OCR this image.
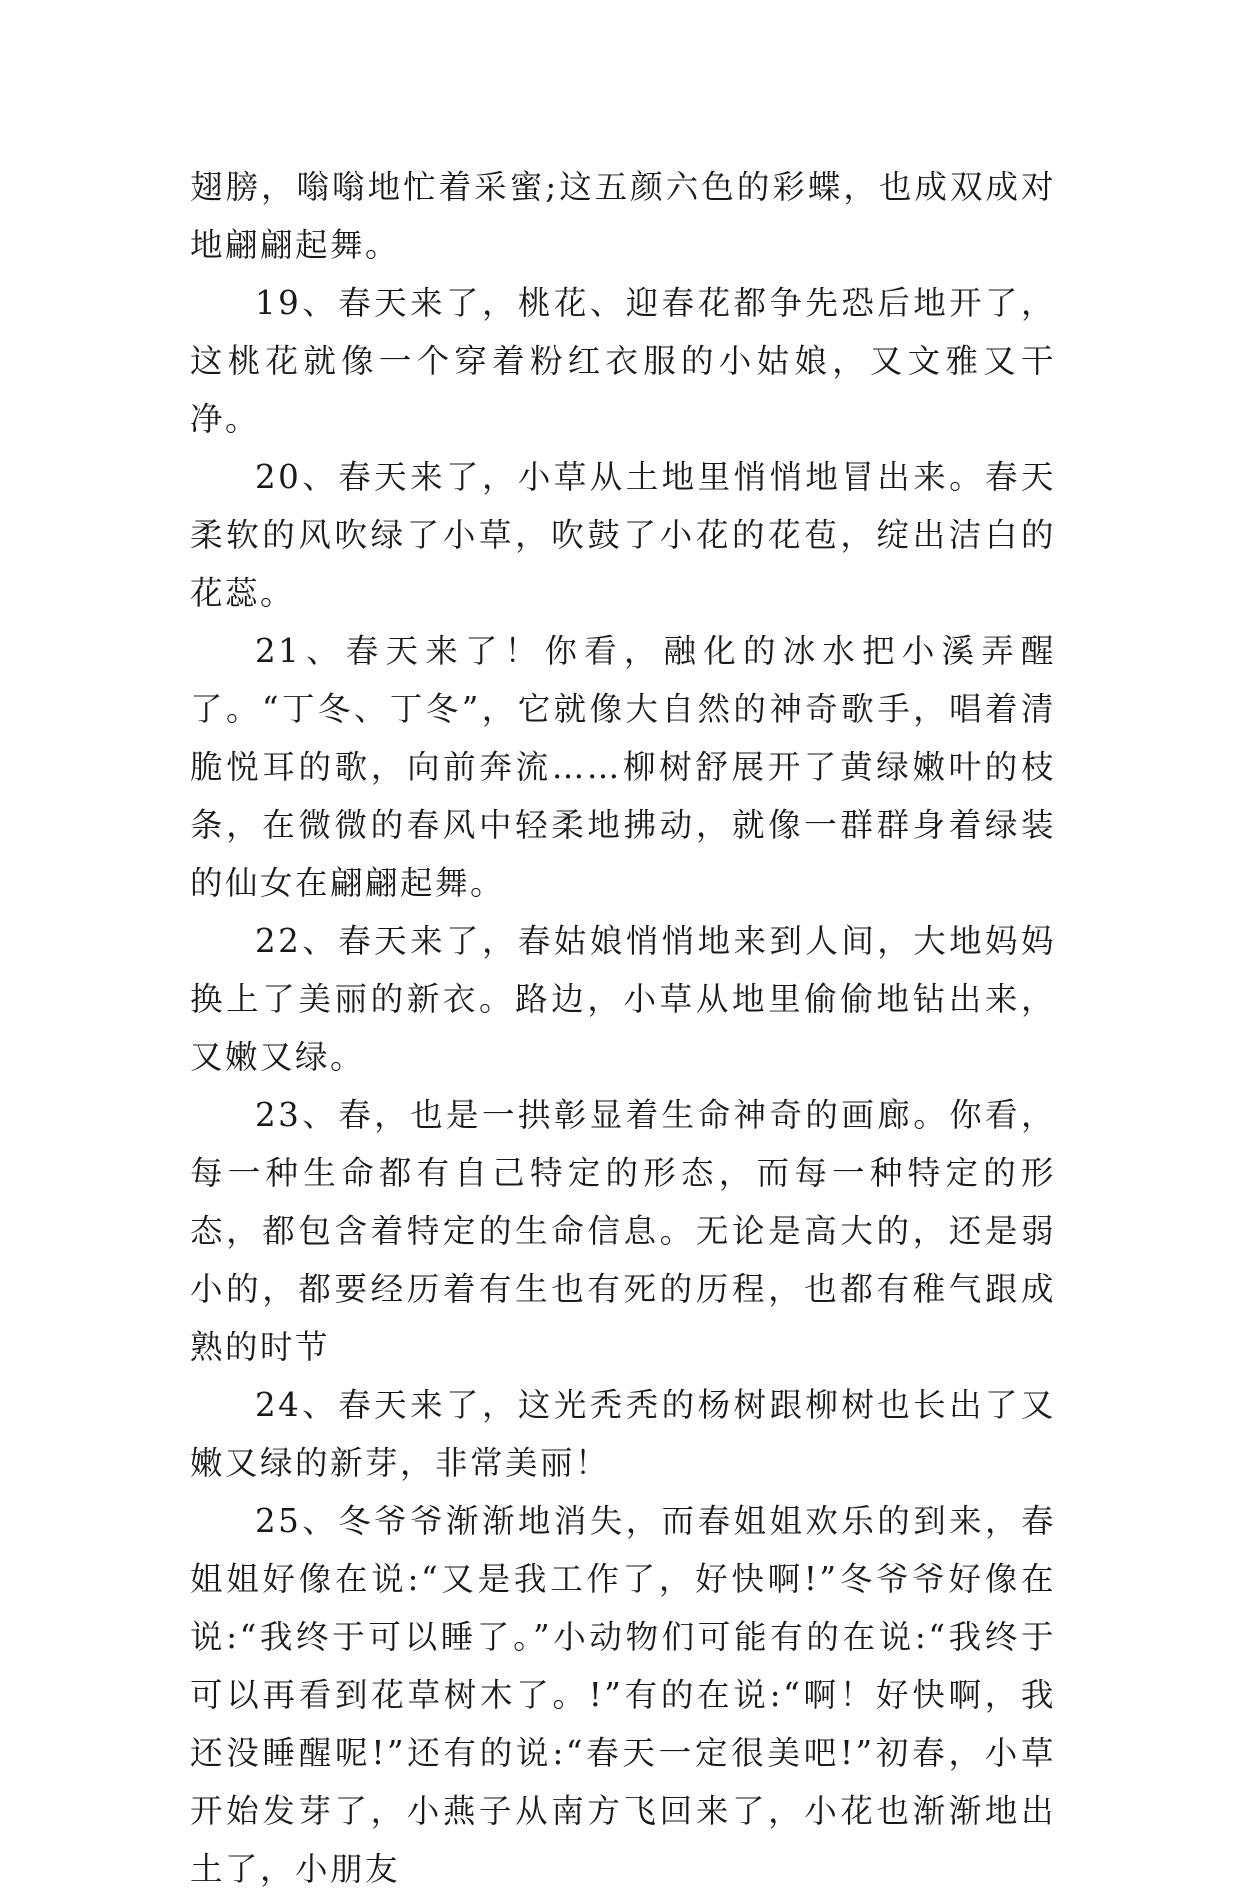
翅膀，嗡嗡地忙着采蜜;这五颜六色的彩蝶，也成双成对地翩翩起舞。

19、春天来了，桃花、迎春花都争先恐后地开了，这桃花就像一个穿着粉红衣服的小姑娘，又文雅又干净。

20、春天来了，小草从土地里悄悄地冒出来。春天柔软的风吹绿了小草，吹鼓了小花的花苞，绽出洁白的花蕊。

21、春天来了！你看，融化的冰水把小溪弄醒了。“丁冬、丁冬”，它就像大自然的神奇歌手，唱着清脆悦耳的歌，向前奔流……柳树舒展开了黄绿嫩叶的枝条，在微微的春风中轻柔地拂动，就像一群群身着绿装的仙女在翩翩起舞。

22、春天来了，春姑娘悄悄地来到人间，大地妈妈换上了美丽的新衣。路边，小草从地里偷偷地钻出来，又嫩又绿。

23、春，也是一拱彰显着生命神奇的画廊。你看，每一种生命都有自己特定的形态，而每一种特定的形态，都包含着特定的生命信息。无论是高大的，还是弱小的，都要经历着有生也有死的历程，也都有稚气跟成熟的时节

24、春天来了，这光秃秃的杨树跟柳树也长出了又嫩又绿的新芽，非常美丽！

25、冬爷爷渐渐地消失，而春姐姐欢乐的到来，春姐姐好像在说:“又是我工作了，好快啊!”冬爷爷好像在说:“我终于可以睡了。”小动物们可能有的在说:“我终于可以再看到花草树木了。!”有的在说:“啊！好快啊，我还没睡醒呢!”还有的说:“春天一定很美吧!”初春，小草开始发芽了，小燕子从南方飞回来了，小花也渐渐地出土了，小朋友
